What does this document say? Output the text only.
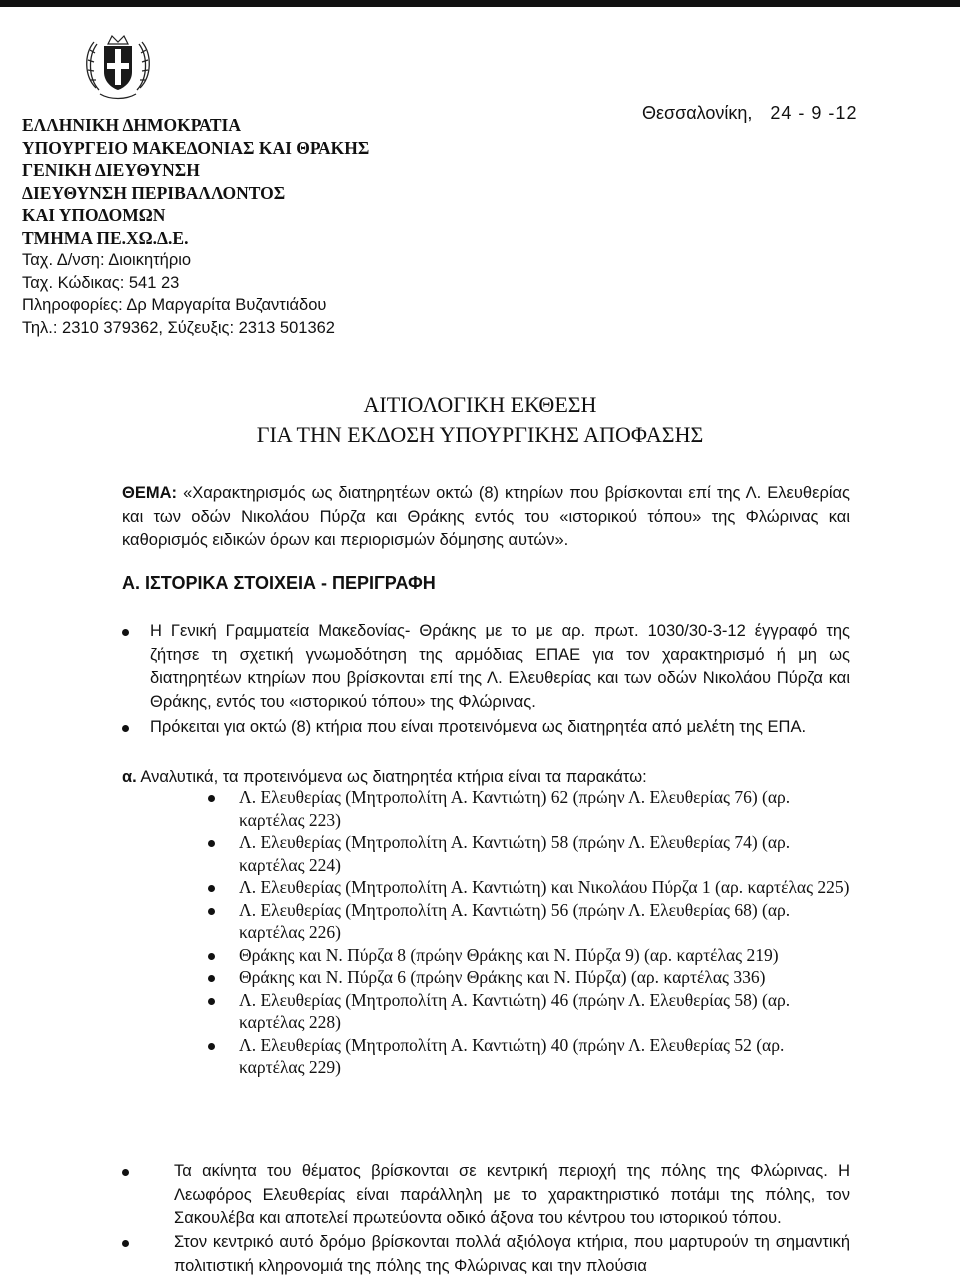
ΕΛΛΗΝΙΚΗ ΔΗΜΟΚΡΑΤΙΑ
ΥΠΟΥΡΓΕΙΟ ΜΑΚΕΔΟΝΙΑΣ ΚΑΙ ΘΡΑΚΗΣ
ΓΕΝΙΚΗ ΔΙΕΥΘΥΝΣΗ
ΔΙΕΥΘΥΝΣΗ ΠΕΡΙΒΑΛΛΟΝΤΟΣ
ΚΑΙ ΥΠΟΔΟΜΩΝ
ΤΜΗΜΑ ΠΕ.ΧΩ.Δ.Ε.
Ταχ. Δ/νση: Διοικητήριο
Ταχ. Κώδικας: 541 23
Πληροφορίες: Δρ Μαργαρίτα Βυζαντιάδου
Τηλ.: 2310 379362, Σύζευξις: 2313 501362
Θεσσαλονίκη, 24 - 9 -12
ΑΙΤΙΟΛΟΓΙΚΗ ΕΚΘΕΣΗ
ΓΙΑ ΤΗΝ ΕΚΔΟΣΗ ΥΠΟΥΡΓΙΚΗΣ ΑΠΟΦΑΣΗΣ
ΘΕΜΑ: «Χαρακτηρισμός ως διατηρητέων οκτώ (8) κτηρίων που βρίσκονται επί της Λ. Ελευθερίας και των οδών Νικολάου Πύρζα και Θράκης εντός του «ιστορικού τόπου» της Φλώρινας και καθορισμός ειδικών όρων και περιορισμών δόμησης αυτών».
Α. ΙΣΤΟΡΙΚΑ ΣΤΟΙΧΕΙΑ - ΠΕΡΙΓΡΑΦΗ
Η Γενική Γραμματεία Μακεδονίας- Θράκης με το με αρ. πρωτ. 1030/30-3-12 έγγραφό της ζήτησε τη σχετική γνωμοδότηση της αρμόδιας ΕΠΑΕ για τον χαρακτηρισμό ή μη ως διατηρητέων κτηρίων που βρίσκονται επί της Λ. Ελευθερίας και των οδών Νικολάου Πύρζα και Θράκης, εντός του «ιστορικού τόπου» της Φλώρινας.
Πρόκειται για οκτώ (8) κτήρια που είναι προτεινόμενα ως διατηρητέα από μελέτη της ΕΠΑ.
α. Αναλυτικά, τα προτεινόμενα ως διατηρητέα κτήρια είναι τα παρακάτω:
Λ. Ελευθερίας (Μητροπολίτη Α. Καντιώτη) 62 (πρώην Λ. Ελευθερίας 76) (αρ. καρτέλας 223)
Λ. Ελευθερίας (Μητροπολίτη Α. Καντιώτη) 58 (πρώην Λ. Ελευθερίας 74) (αρ. καρτέλας 224)
Λ. Ελευθερίας (Μητροπολίτη Α. Καντιώτη) και Νικολάου Πύρζα 1 (αρ. καρτέλας 225)
Λ. Ελευθερίας (Μητροπολίτη Α. Καντιώτη) 56 (πρώην Λ. Ελευθερίας 68) (αρ. καρτέλας 226)
Θράκης και Ν. Πύρζα 8 (πρώην Θράκης και Ν. Πύρζα 9) (αρ. καρτέλας 219)
Θράκης και Ν. Πύρζα 6 (πρώην Θράκης και Ν. Πύρζα) (αρ. καρτέλας 336)
Λ. Ελευθερίας (Μητροπολίτη Α. Καντιώτη) 46 (πρώην Λ. Ελευθερίας 58) (αρ. καρτέλας 228)
Λ. Ελευθερίας (Μητροπολίτη Α. Καντιώτη) 40 (πρώην Λ. Ελευθερίας 52 (αρ. καρτέλας 229)
Τα ακίνητα του θέματος βρίσκονται σε κεντρική περιοχή της πόλης της Φλώρινας. Η Λεωφόρος Ελευθερίας είναι παράλληλη με το χαρακτηριστικό ποτάμι της πόλης, τον Σακουλέβα και αποτελεί πρωτεύοντα οδικό άξονα του κέντρου του ιστορικού τόπου.
Στον κεντρικό αυτό δρόμο βρίσκονται πολλά αξιόλογα κτήρια, που μαρτυρούν τη σημαντική πολιτιστική κληρονομιά της πόλης της Φλώρινας και την πλούσια
